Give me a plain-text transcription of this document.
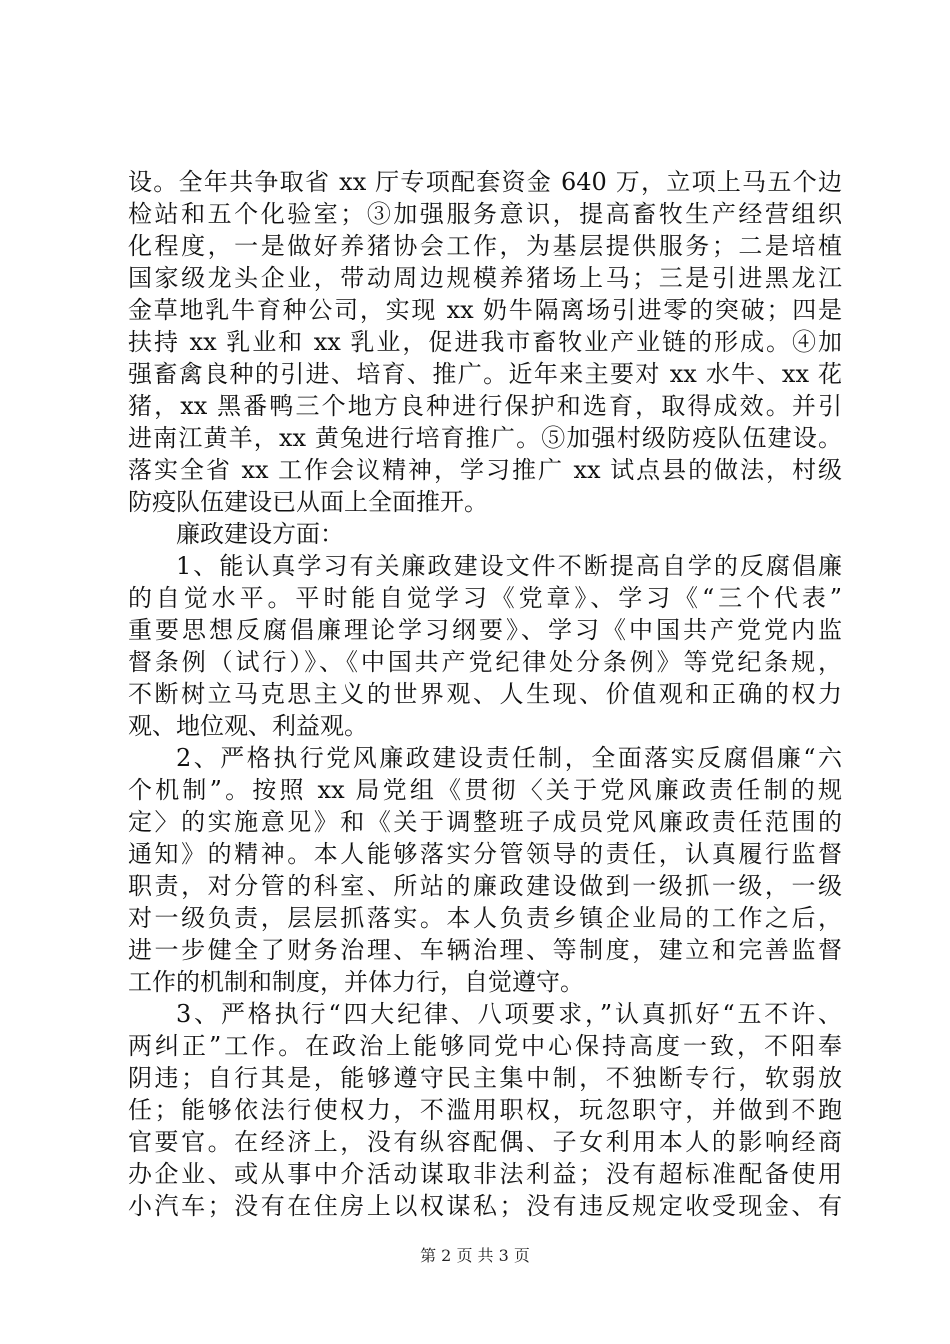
设。全年共争取省 xx 厅专项配套资金 640 万，立项上马五个边
检站和五个化验室；③加强服务意识，提高畜牧生产经营组织
化程度，一是做好养猪协会工作，为基层提供服务；二是培植
国家级龙头企业，带动周边规模养猪场上马；三是引进黑龙江
金草地乳牛育种公司，实现 xx 奶牛隔离场引进零的突破；四是
扶持 xx 乳业和 xx 乳业，促进我市畜牧业产业链的形成。④加
强畜禽良种的引进、培育、推广。近年来主要对 xx 水牛、xx 花
猪，xx 黑番鸭三个地方良种进行保护和选育，取得成效。并引
进南江黄羊，xx 黄兔进行培育推广。⑤加强村级防疫队伍建设。
落实全省 xx 工作会议精神，学习推广 xx 试点县的做法，村级
防疫队伍建设已从面上全面推开。
廉政建设方面：
1、能认真学习有关廉政建设文件不断提高自学的反腐倡廉
的自觉水平。平时能自觉学习《党章》、学习《“三个代表”
重要思想反腐倡廉理论学习纲要》、学习《中国共产党党内监
督条例（试行）》、《中国共产党纪律处分条例》等党纪条规，
不断树立马克思主义的世界观、人生现、价值观和正确的权力
观、地位观、利益观。
2、严格执行党风廉政建设责任制，全面落实反腐倡廉“六
个机制”。按照 xx 局党组《贯彻〈关于党风廉政责任制的规
定〉的实施意见》和《关于调整班子成员党风廉政责任范围的
通知》的精神。本人能够落实分管领导的责任，认真履行监督
职责，对分管的科室、所站的廉政建设做到一级抓一级，一级
对一级负责，层层抓落实。本人负责乡镇企业局的工作之后，
进一步健全了财务治理、车辆治理、等制度，建立和完善监督
工作的机制和制度，并体力行，自觉遵守。
3、严格执行“四大纪律、八项要求，”认真抓好“五不许、
两纠正”工作。在政治上能够同党中心保持高度一致，不阳奉
阴违；自行其是，能够遵守民主集中制，不独断专行，软弱放
任；能够依法行使权力，不滥用职权，玩忽职守，并做到不跑
官要官。在经济上，没有纵容配偶、子女利用本人的影响经商
办企业、或从事中介活动谋取非法利益；没有超标准配备使用
小汽车；没有在住房上以权谋私；没有违反规定收受现金、有
第 2 页 共 3 页
